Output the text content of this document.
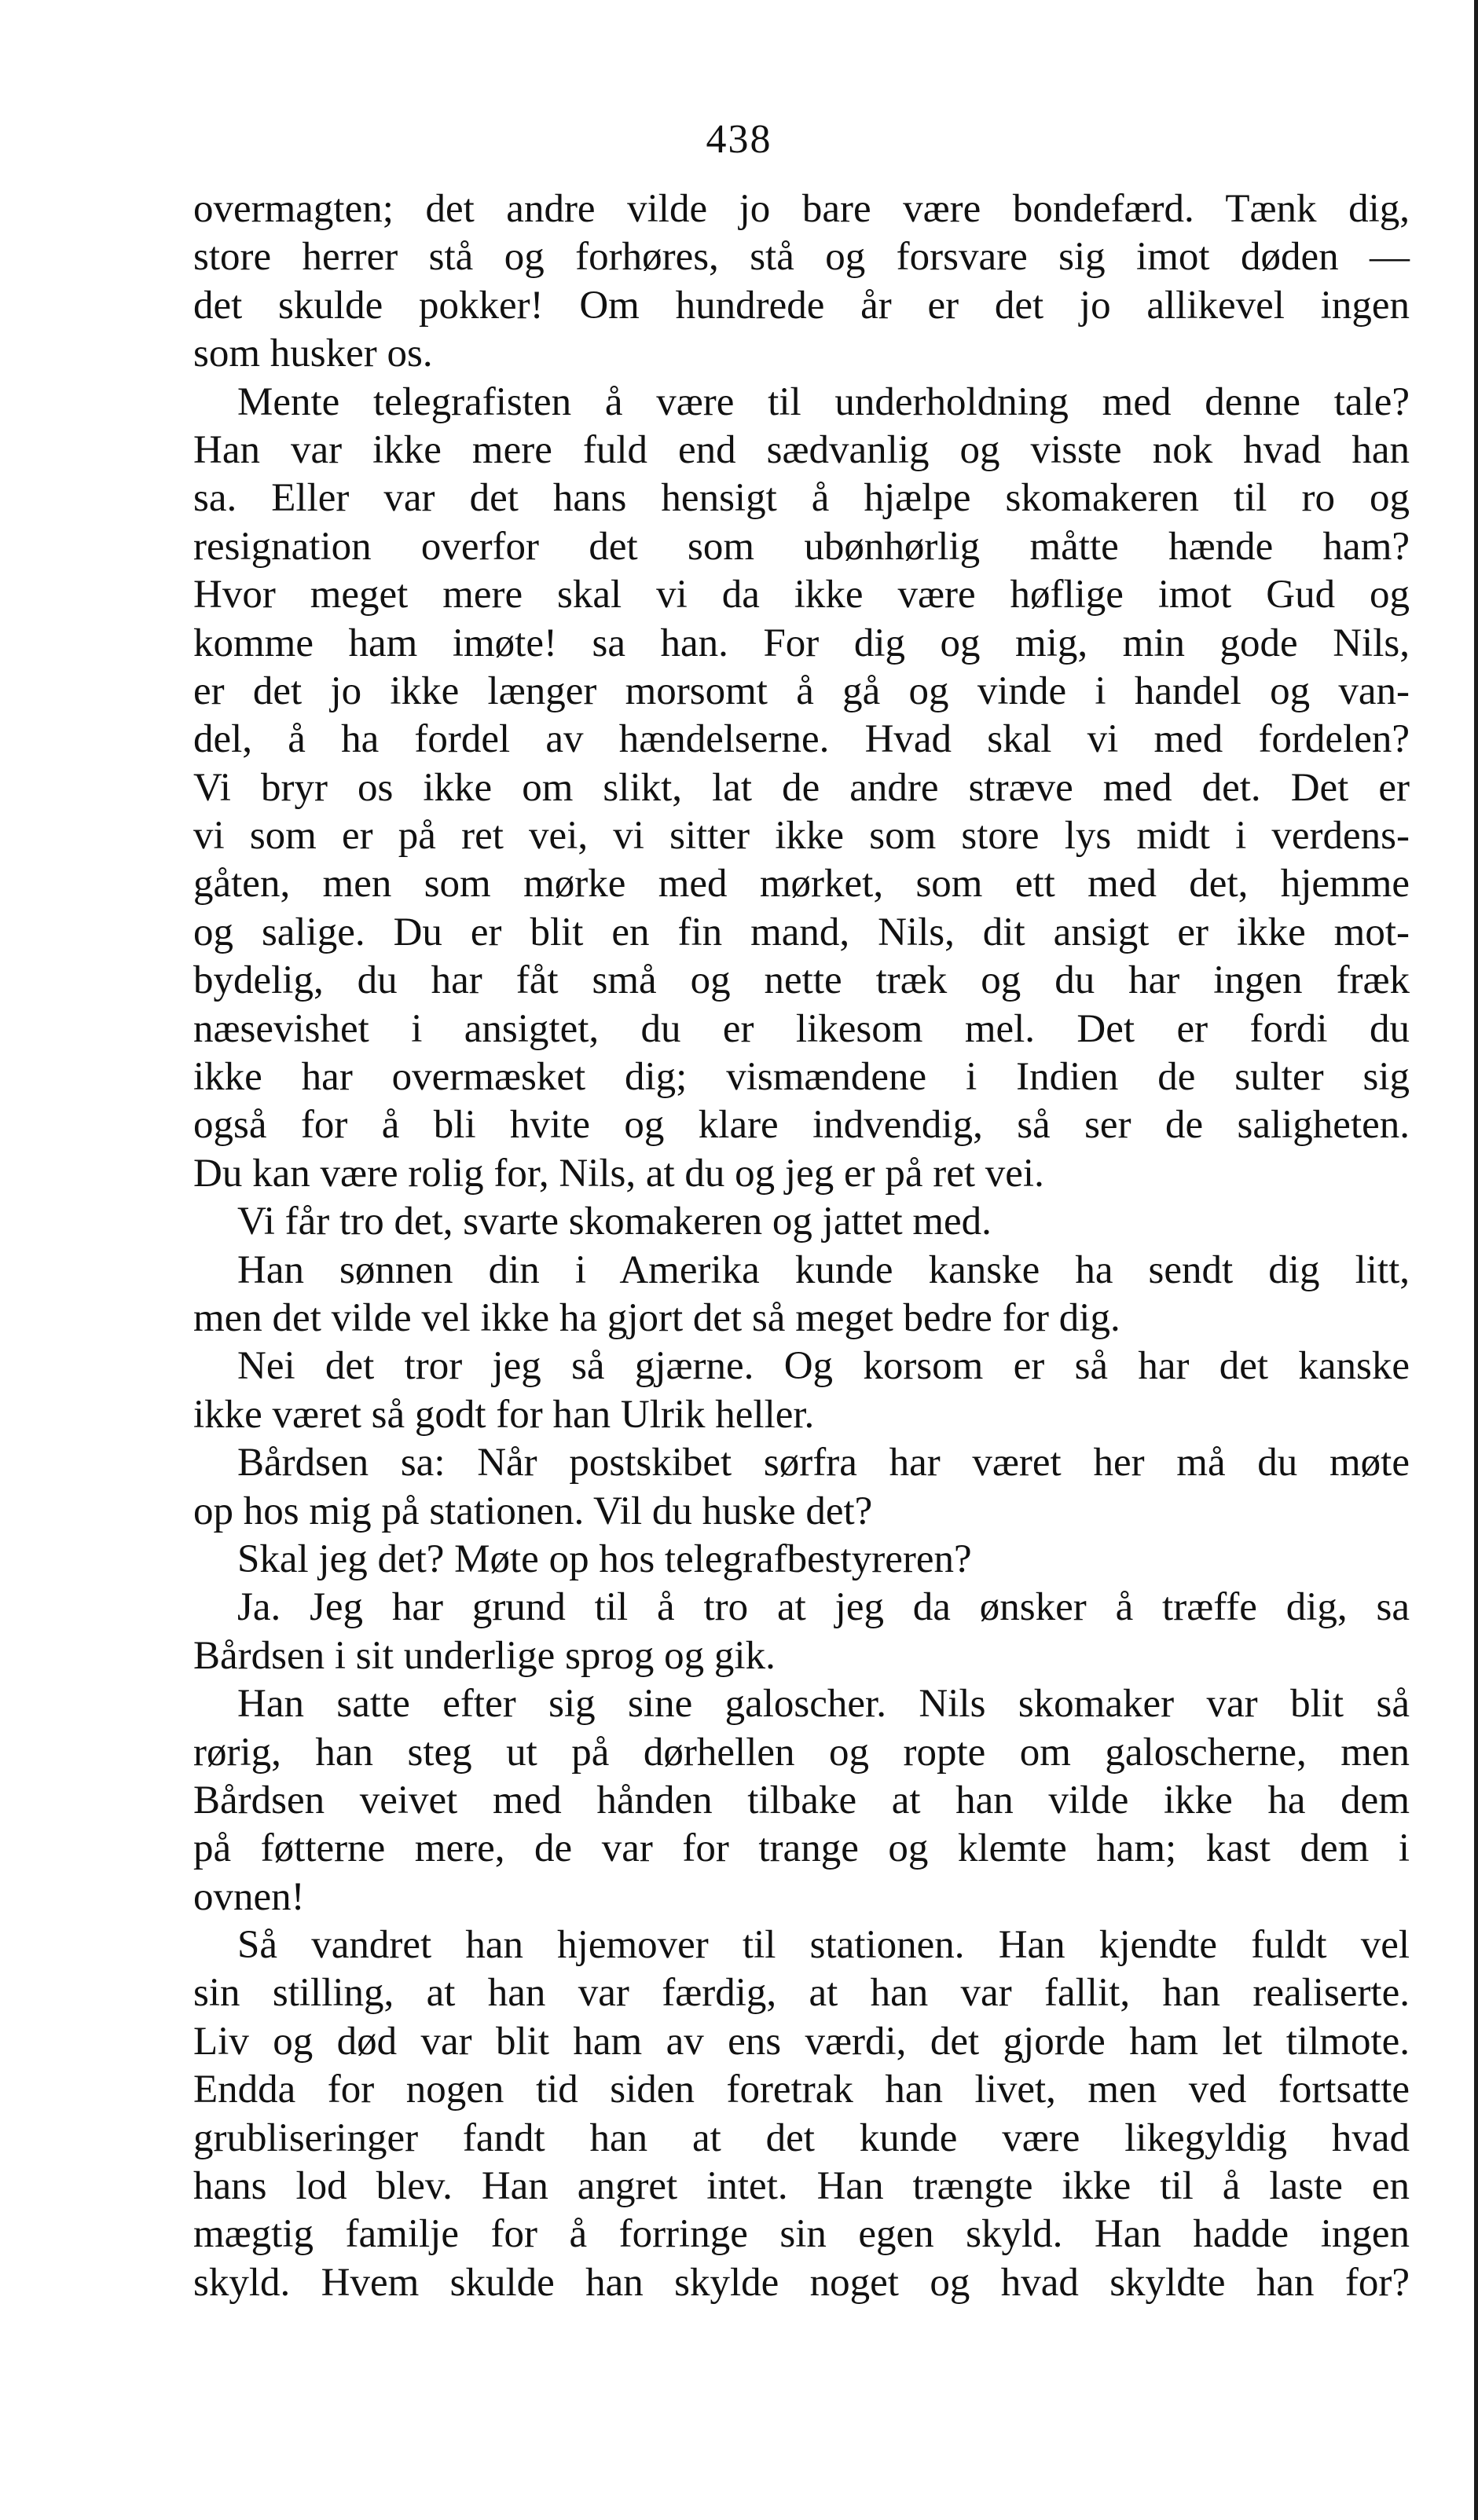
438
overmagten; det andre vilde jo bare være bondefærd. Tænk dig,
store herrer stå og forhøres, stå og forsvare sig imot døden —
det skulde pokker! Om hundrede år er det jo allikevel ingen
som husker os.
Mente telegrafisten å være til underholdning med denne tale?
Han var ikke mere fuld end sædvanlig og visste nok hvad han
sa. Eller var det hans hensigt å hjælpe skomakeren til ro og
resignation overfor det som ubønhørlig måtte hænde ham?
Hvor meget mere skal vi da ikke være høflige imot Gud og
komme ham imøte! sa han. For dig og mig, min gode Nils,
er det jo ikke længer morsomt å gå og vinde i handel og van-
del, å ha fordel av hændelserne. Hvad skal vi med fordelen?
Vi bryr os ikke om slikt, lat de andre stræve med det. Det er
vi som er på ret vei, vi sitter ikke som store lys midt i verdens-
gåten, men som mørke med mørket, som ett med det, hjemme
og salige. Du er blit en fin mand, Nils, dit ansigt er ikke mot-
bydelig, du har fåt små og nette træk og du har ingen fræk
næsevishet i ansigtet, du er likesom mel. Det er fordi du
ikke har overmæsket dig; vismændene i Indien de sulter sig
også for å bli hvite og klare indvendig, så ser de saligheten.
Du kan være rolig for, Nils, at du og jeg er på ret vei.
Vi får tro det, svarte skomakeren og jattet med.
Han sønnen din i Amerika kunde kanske ha sendt dig litt,
men det vilde vel ikke ha gjort det så meget bedre for dig.
Nei det tror jeg så gjærne. Og korsom er så har det kanske
ikke været så godt for han Ulrik heller.
Bårdsen sa: Når postskibet sørfra har været her må du møte
op hos mig på stationen. Vil du huske det?
Skal jeg det? Møte op hos telegrafbestyreren?
Ja. Jeg har grund til å tro at jeg da ønsker å træffe dig, sa
Bårdsen i sit underlige sprog og gik.
Han satte efter sig sine galoscher. Nils skomaker var blit så
rørig, han steg ut på dørhellen og ropte om galoscherne, men
Bårdsen veivet med hånden tilbake at han vilde ikke ha dem
på føtterne mere, de var for trange og klemte ham; kast dem i
ovnen!
Så vandret han hjemover til stationen. Han kjendte fuldt vel
sin stilling, at han var færdig, at han var fallit, han realiserte.
Liv og død var blit ham av ens værdi, det gjorde ham let tilmote.
Endda for nogen tid siden foretrak han livet, men ved fortsatte
grubliseringer fandt han at det kunde være likegyldig hvad
hans lod blev. Han angret intet. Han trængte ikke til å laste en
mægtig familje for å forringe sin egen skyld. Han hadde ingen
skyld. Hvem skulde han skylde noget og hvad skyldte han for?
